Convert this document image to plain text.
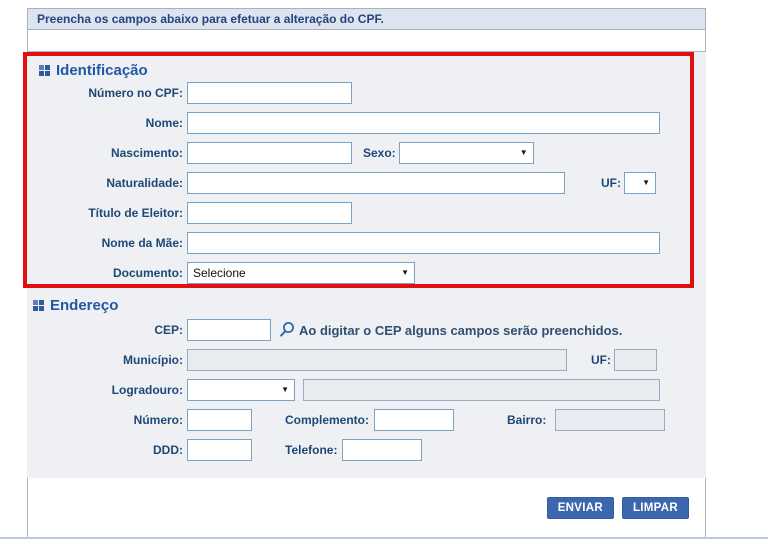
Preencha os campos abaixo para efetuar a alteração do CPF.
Identificação
Número no CPF:
Nome:
Nascimento:	Sexo:	▼
Naturalidade:	UF:	▼
Título de Eleitor:
Nome da Mãe:
Documento: Selecione	▼
Endereço
CEP:	Ao digitar o CEP alguns campos serão preenchidos.
Município:	UF:
Logradouro:	▼
Número:	Complemento:	Bairro:
DDD:	Telefone:
ENVIAR	LIMPAR
